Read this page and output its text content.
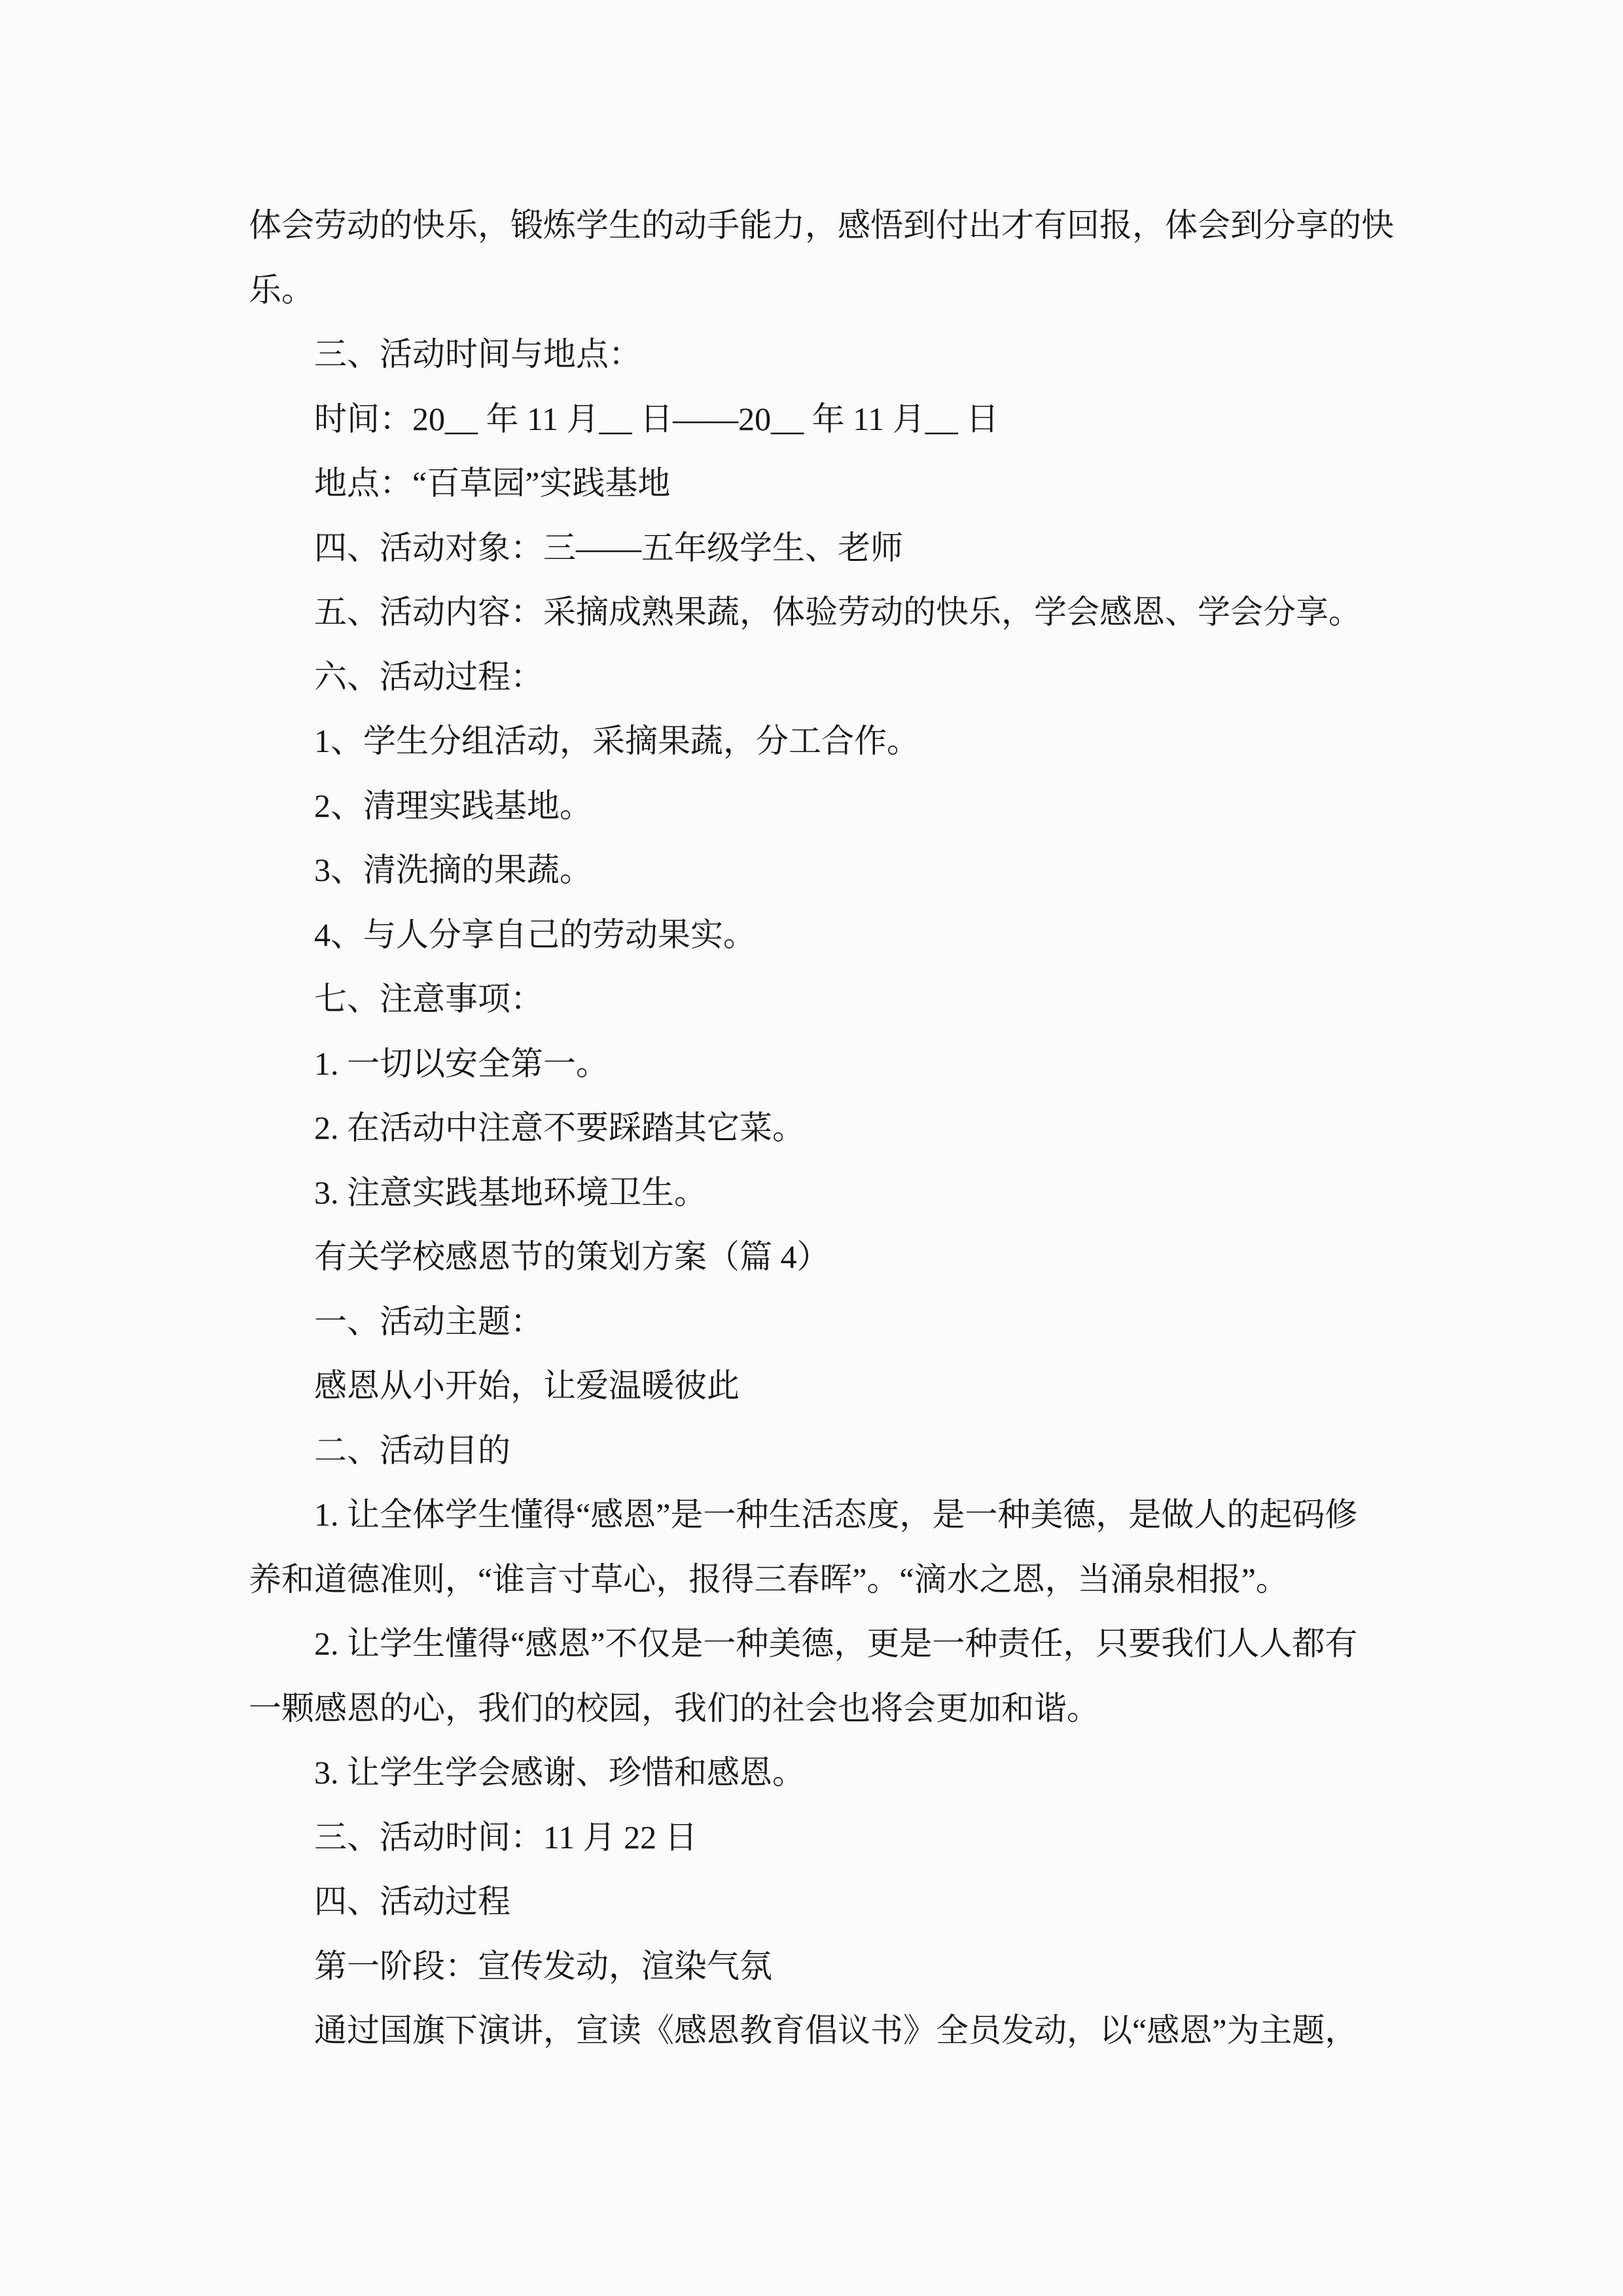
体会劳动的快乐，锻炼学生的动手能力，感悟到付出才有回报，体会到分享的快
乐。
三、活动时间与地点：
时间：20__ 年 11 月__ 日——20__ 年 11 月__ 日
地点：“百草园”实践基地
四、活动对象：三——五年级学生、老师
五、活动内容：采摘成熟果蔬，体验劳动的快乐，学会感恩、学会分享。
六、活动过程：
1、学生分组活动，采摘果蔬，分工合作。
2、清理实践基地。
3、清洗摘的果蔬。
4、与人分享自己的劳动果实。
七、注意事项：
1. 一切以安全第一。
2. 在活动中注意不要踩踏其它菜。
3. 注意实践基地环境卫生。
有关学校感恩节的策划方案（篇 4）
一、活动主题：
感恩从小开始，让爱温暖彼此
二、活动目的
1. 让全体学生懂得“感恩”是一种生活态度，是一种美德，是做人的起码修
养和道德准则，“谁言寸草心，报得三春晖”。“滴水之恩，当涌泉相报”。
2. 让学生懂得“感恩”不仅是一种美德，更是一种责任，只要我们人人都有
一颗感恩的心，我们的校园，我们的社会也将会更加和谐。
3. 让学生学会感谢、珍惜和感恩。
三、活动时间：11 月 22 日
四、活动过程
第一阶段：宣传发动，渲染气氛
通过国旗下演讲，宣读《感恩教育倡议书》全员发动，以“感恩”为主题，
